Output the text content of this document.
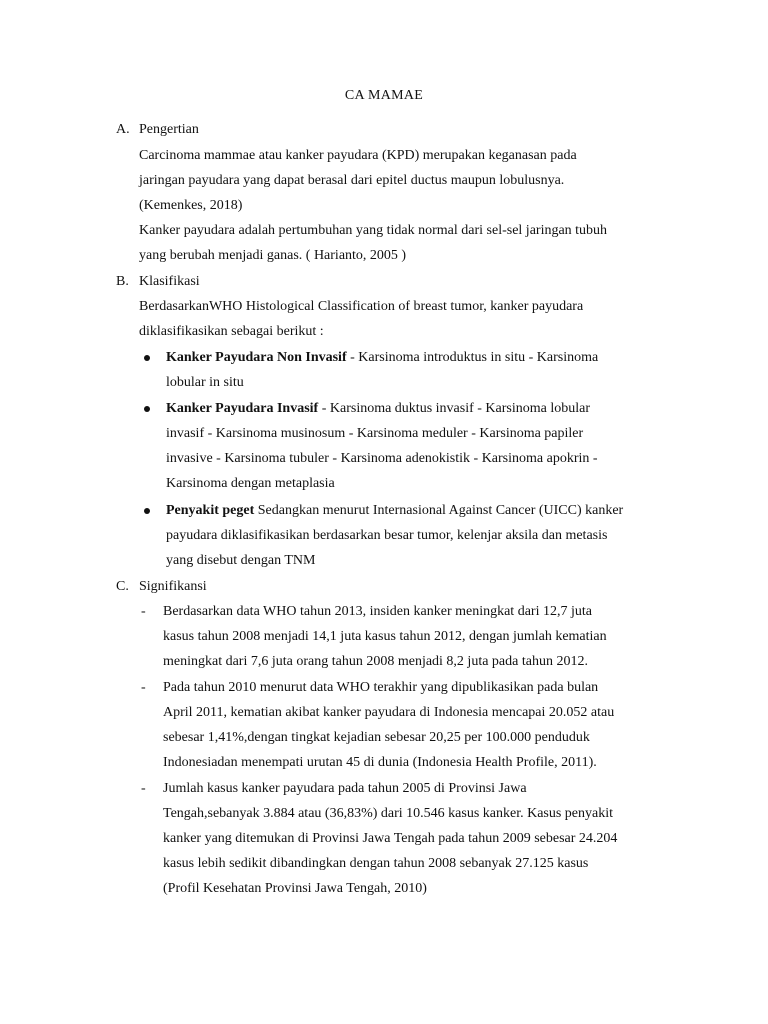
CA MAMAE
A. Pengertian
Carcinoma mammae atau kanker payudara (KPD) merupakan keganasan pada
jaringan payudara yang dapat berasal dari epitel ductus maupun lobulusnya.
(Kemenkes, 2018)
Kanker payudara adalah pertumbuhan yang tidak normal dari sel-sel jaringan tubuh
yang berubah menjadi ganas. ( Harianto, 2005 )
B. Klasifikasi
BerdasarkanWHO Histological Classification of breast tumor, kanker payudara
diklasifikasikan sebagai berikut :
Kanker Payudara Non Invasif - Karsinoma introduktus in situ - Karsinoma
lobular in situ
Kanker Payudara Invasif - Karsinoma duktus invasif - Karsinoma lobular
invasif - Karsinoma musinosum - Karsinoma meduler - Karsinoma papiler
invasive - Karsinoma tubuler - Karsinoma adenokistik - Karsinoma apokrin -
Karsinoma dengan metaplasia
Penyakit peget Sedangkan menurut Internasional Against Cancer (UICC) kanker
payudara diklasifikasikan berdasarkan besar tumor, kelenjar aksila dan metasis
yang disebut dengan TNM
C. Signifikansi
- Berdasarkan data WHO tahun 2013, insiden kanker meningkat dari 12,7 juta
kasus tahun 2008 menjadi 14,1 juta kasus tahun 2012, dengan jumlah kematian
meningkat dari 7,6 juta orang tahun 2008 menjadi 8,2 juta pada tahun 2012.
- Pada tahun 2010 menurut data WHO terakhir yang dipublikasikan pada bulan
April 2011, kematian akibat kanker payudara di Indonesia mencapai 20.052 atau
sebesar 1,41%,dengan tingkat kejadian sebesar 20,25 per 100.000 penduduk
Indonesiadan menempati urutan 45 di dunia (Indonesia Health Profile, 2011).
- Jumlah kasus kanker payudara pada tahun 2005 di Provinsi Jawa
Tengah,sebanyak 3.884 atau (36,83%) dari 10.546 kasus kanker. Kasus penyakit
kanker yang ditemukan di Provinsi Jawa Tengah pada tahun 2009 sebesar 24.204
kasus lebih sedikit dibandingkan dengan tahun 2008 sebanyak 27.125 kasus
(Profil Kesehatan Provinsi Jawa Tengah, 2010)
